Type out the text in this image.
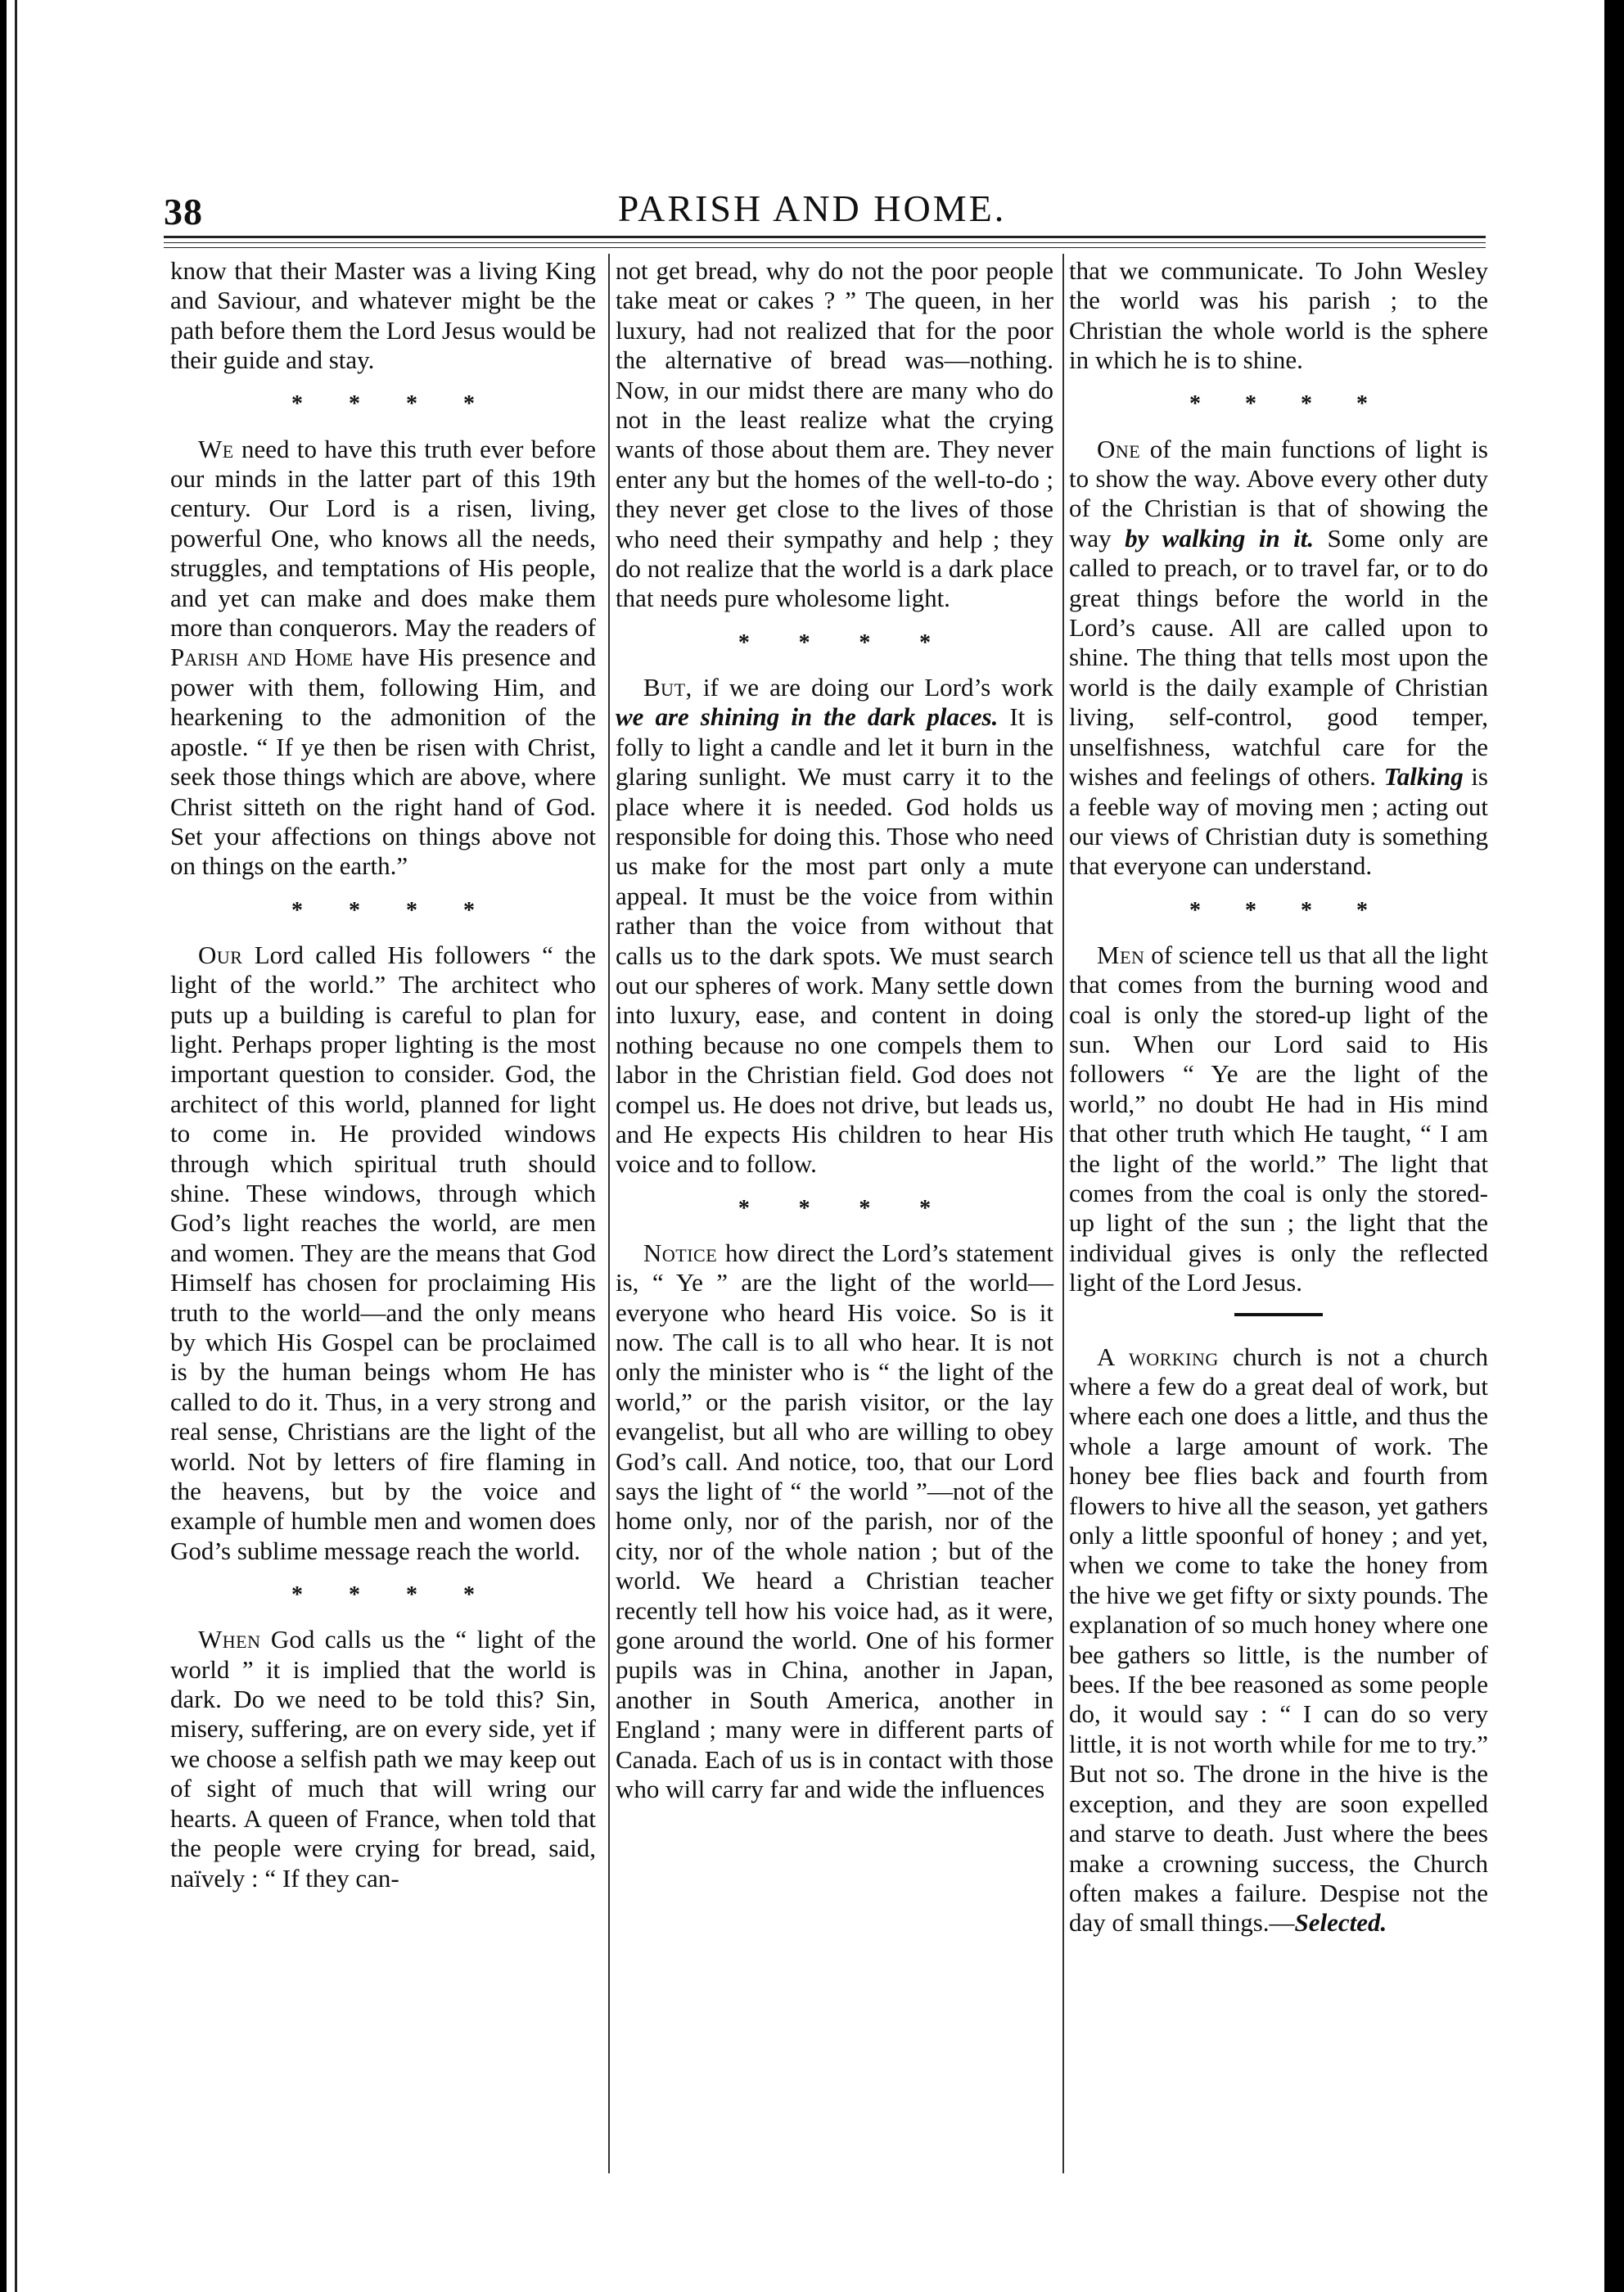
38	PARISH AND HOME.

know that their Master was a living King and Saviour, and whatever might be the path before them the Lord Jesus would be their guide and stay.

* * * *

We need to have this truth ever before our minds in the latter part of this 19th century. Our Lord is a risen, living, powerful One, who knows all the needs, struggles, and temptations of His people, and yet can make and does make them more than conquerors. May the readers of Parish and Home have His presence and power with them, following Him, and hearkening to the admonition of the apostle. “ If ye then be risen with Christ, seek those things which are above, where Christ sitteth on the right hand of God. Set your affections on things above not on things on the earth.”

* * * *

Our Lord called His followers “ the light of the world.” The architect who puts up a building is careful to plan for light. Perhaps proper lighting is the most important question to consider. God, the architect of this world, planned for light to come in. He provided windows through which spiritual truth should shine. These windows, through which God’s light reaches the world, are men and women. They are the means that God Himself has chosen for proclaiming His truth to the world—and the only means by which His Gospel can be proclaimed is by the human beings whom He has called to do it. Thus, in a very strong and real sense, Christians are the light of the world. Not by letters of fire flaming in the heavens, but by the voice and example of humble men and women does God’s sublime message reach the world.

* * * *

When God calls us the “ light of the world ” it is implied that the world is dark. Do we need to be told this? Sin, misery, suffering, are on every side, yet if we choose a selfish path we may keep out of sight of much that will wring our hearts. A queen of France, when told that the people were crying for bread, said, naïvely : “ If they can-

not get bread, why do not the poor people take meat or cakes ? ” The queen, in her luxury, had not realized that for the poor the alternative of bread was—nothing. Now, in our midst there are many who do not in the least realize what the crying wants of those about them are. They never enter any but the homes of the well-to-do ; they never get close to the lives of those who need their sympathy and help ; they do not realize that the world is a dark place that needs pure wholesome light.

* * * *

But, if we are doing our Lord’s work we are shining in the dark places. It is folly to light a candle and let it burn in the glaring sunlight. We must carry it to the place where it is needed. God holds us responsible for doing this. Those who need us make for the most part only a mute appeal. It must be the voice from within rather than the voice from without that calls us to the dark spots. We must search out our spheres of work. Many settle down into luxury, ease, and content in doing nothing because no one compels them to labor in the Christian field. God does not compel us. He does not drive, but leads us, and He expects His children to hear His voice and to follow.

* * * *

Notice how direct the Lord’s statement is, “ Ye ” are the light of the world—everyone who heard His voice. So is it now. The call is to all who hear. It is not only the minister who is “ the light of the world,” or the parish visitor, or the lay evangelist, but all who are willing to obey God’s call. And notice, too, that our Lord says the light of “ the world ”—not of the home only, nor of the parish, nor of the city, nor of the whole nation ; but of the world. We heard a Christian teacher recently tell how his voice had, as it were, gone around the world. One of his former pupils was in China, another in Japan, another in South America, another in England ; many were in different parts of Canada. Each of us is in contact with those who will carry far and wide the influences

that we communicate. To John Wesley the world was his parish ; to the Christian the whole world is the sphere in which he is to shine.

* * * *

One of the main functions of light is to show the way. Above every other duty of the Christian is that of showing the way by walking in it. Some only are called to preach, or to travel far, or to do great things before the world in the Lord’s cause. All are called upon to shine. The thing that tells most upon the world is the daily example of Christian living, self-control, good temper, unselfishness, watchful care for the wishes and feelings of others. Talking is a feeble way of moving men ; acting out our views of Christian duty is something that everyone can understand.

* * * *

Men of science tell us that all the light that comes from the burning wood and coal is only the stored-up light of the sun. When our Lord said to His followers “ Ye are the light of the world,” no doubt He had in His mind that other truth which He taught, “ I am the light of the world.” The light that comes from the coal is only the stored-up light of the sun ; the light that the individual gives is only the reflected light of the Lord Jesus.

A working church is not a church where a few do a great deal of work, but where each one does a little, and thus the whole a large amount of work. The honey bee flies back and fourth from flowers to hive all the season, yet gathers only a little spoonful of honey ; and yet, when we come to take the honey from the hive we get fifty or sixty pounds. The explanation of so much honey where one bee gathers so little, is the number of bees. If the bee reasoned as some people do, it would say : “ I can do so very little, it is not worth while for me to try.” But not so. The drone in the hive is the exception, and they are soon expelled and starve to death. Just where the bees make a crowning success, the Church often makes a failure. Despise not the day of small things.—Selected.
